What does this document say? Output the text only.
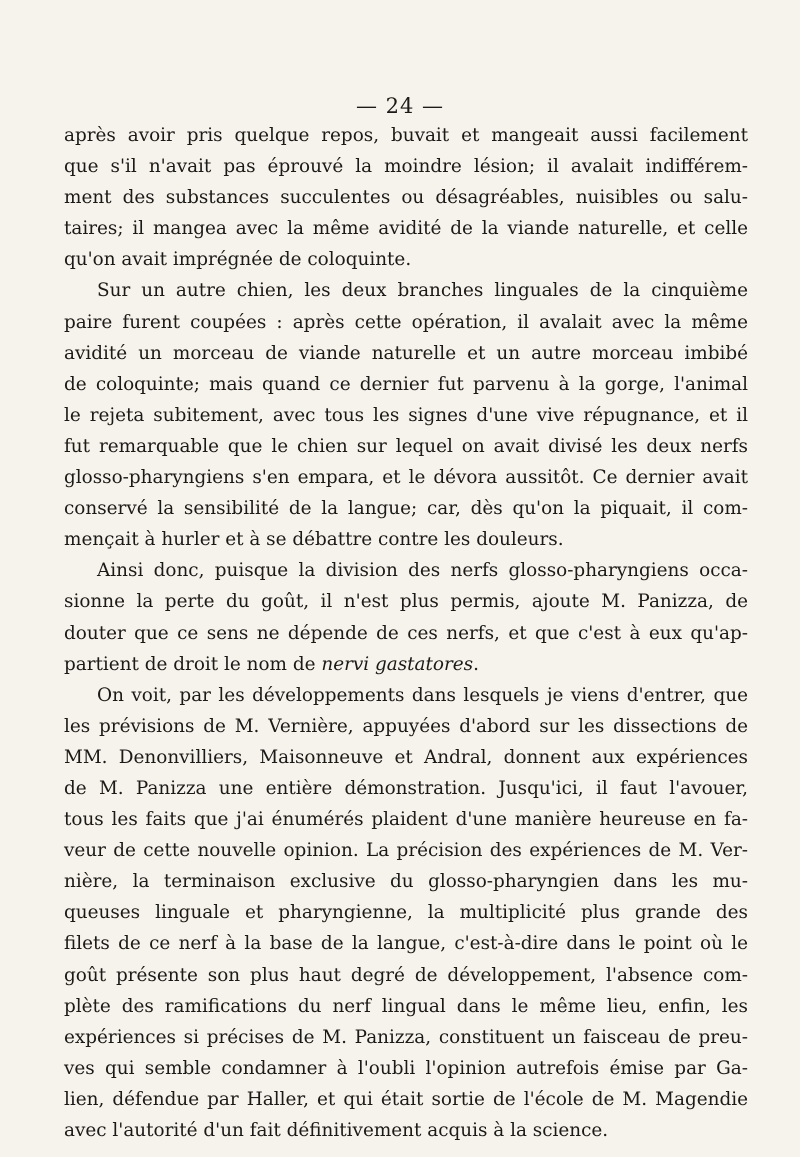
— 24 —

après avoir pris quelque repos, buvait et mangeait aussi facilement
que s'il n'avait pas éprouvé la moindre lésion; il avalait indifférem-
ment des substances succulentes ou désagréables, nuisibles ou salu-
taires; il mangea avec la même avidité de la viande naturelle, et celle
qu'on avait imprégnée de coloquinte.

Sur un autre chien, les deux branches linguales de la cinquième
paire furent coupées : après cette opération, il avalait avec la même
avidité un morceau de viande naturelle et un autre morceau imbibé
de coloquinte; mais quand ce dernier fut parvenu à la gorge, l'animal
le rejeta subitement, avec tous les signes d'une vive répugnance, et il
fut remarquable que le chien sur lequel on avait divisé les deux nerfs
glosso-pharyngiens s'en empara, et le dévora aussitôt. Ce dernier avait
conservé la sensibilité de la langue; car, dès qu'on la piquait, il com-
mençait à hurler et à se débattre contre les douleurs.

Ainsi donc, puisque la division des nerfs glosso-pharyngiens occa-
sionne la perte du goût, il n'est plus permis, ajoute M. Panizza, de
douter que ce sens ne dépende de ces nerfs, et que c'est à eux qu'ap-
partient de droit le nom de nervi gastatores.

On voit, par les développements dans lesquels je viens d'entrer, que
les prévisions de M. Vernière, appuyées d'abord sur les dissections de
MM. Denonvilliers, Maisonneuve et Andral, donnent aux expériences
de M. Panizza une entière démonstration. Jusqu'ici, il faut l'avouer,
tous les faits que j'ai énumérés plaident d'une manière heureuse en fa-
veur de cette nouvelle opinion. La précision des expériences de M. Ver-
nière, la terminaison exclusive du glosso-pharyngien dans les mu-
queuses linguale et pharyngienne, la multiplicité plus grande des
filets de ce nerf à la base de la langue, c'est-à-dire dans le point où le
goût présente son plus haut degré de développement, l'absence com-
plète des ramifications du nerf lingual dans le même lieu, enfin, les
expériences si précises de M. Panizza, constituent un faisceau de preu-
ves qui semble condamner à l'oubli l'opinion autrefois émise par Ga-
lien, défendue par Haller, et qui était sortie de l'école de M. Magendie
avec l'autorité d'un fait définitivement acquis à la science.
